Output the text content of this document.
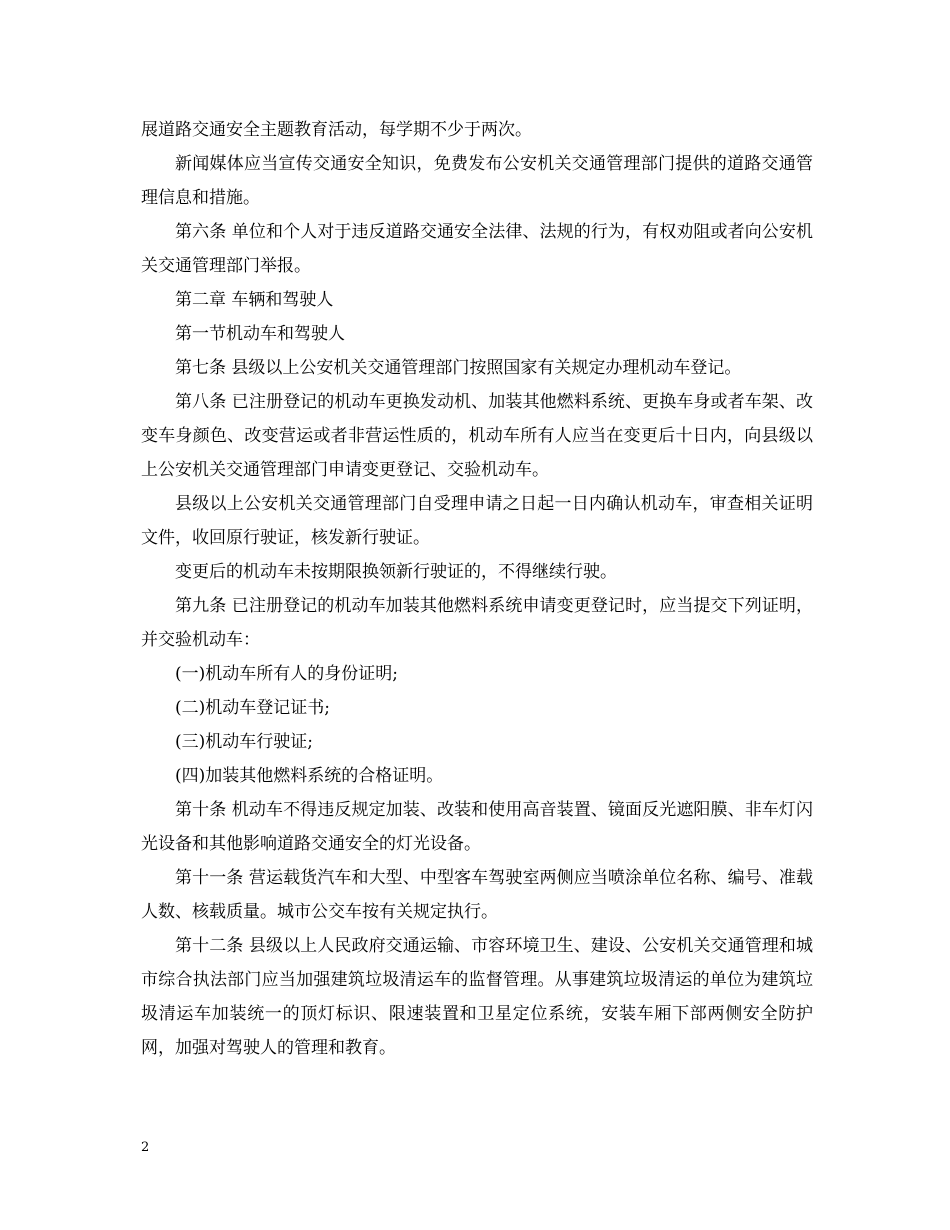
展道路交通安全主题教育活动，每学期不少于两次。

新闻媒体应当宣传交通安全知识，免费发布公安机关交通管理部门提供的道路交通管理信息和措施。

第六条 单位和个人对于违反道路交通安全法律、法规的行为，有权劝阻或者向公安机关交通管理部门举报。

第二章 车辆和驾驶人

第一节机动车和驾驶人

第七条 县级以上公安机关交通管理部门按照国家有关规定办理机动车登记。

第八条 已注册登记的机动车更换发动机、加装其他燃料系统、更换车身或者车架、改变车身颜色、改变营运或者非营运性质的，机动车所有人应当在变更后十日内，向县级以上公安机关交通管理部门申请变更登记、交验机动车。

县级以上公安机关交通管理部门自受理申请之日起一日内确认机动车，审查相关证明文件，收回原行驶证，核发新行驶证。

变更后的机动车未按期限换领新行驶证的，不得继续行驶。

第九条 已注册登记的机动车加装其他燃料系统申请变更登记时，应当提交下列证明，并交验机动车：

(一)机动车所有人的身份证明;

(二)机动车登记证书;

(三)机动车行驶证;

(四)加装其他燃料系统的合格证明。

第十条 机动车不得违反规定加装、改装和使用高音装置、镜面反光遮阳膜、非车灯闪光设备和其他影响道路交通安全的灯光设备。

第十一条 营运载货汽车和大型、中型客车驾驶室两侧应当喷涂单位名称、编号、准载人数、核载质量。城市公交车按有关规定执行。

第十二条 县级以上人民政府交通运输、市容环境卫生、建设、公安机关交通管理和城市综合执法部门应当加强建筑垃圾清运车的监督管理。从事建筑垃圾清运的单位为建筑垃圾清运车加装统一的顶灯标识、限速装置和卫星定位系统，安装车厢下部两侧安全防护网，加强对驾驶人的管理和教育。

2
